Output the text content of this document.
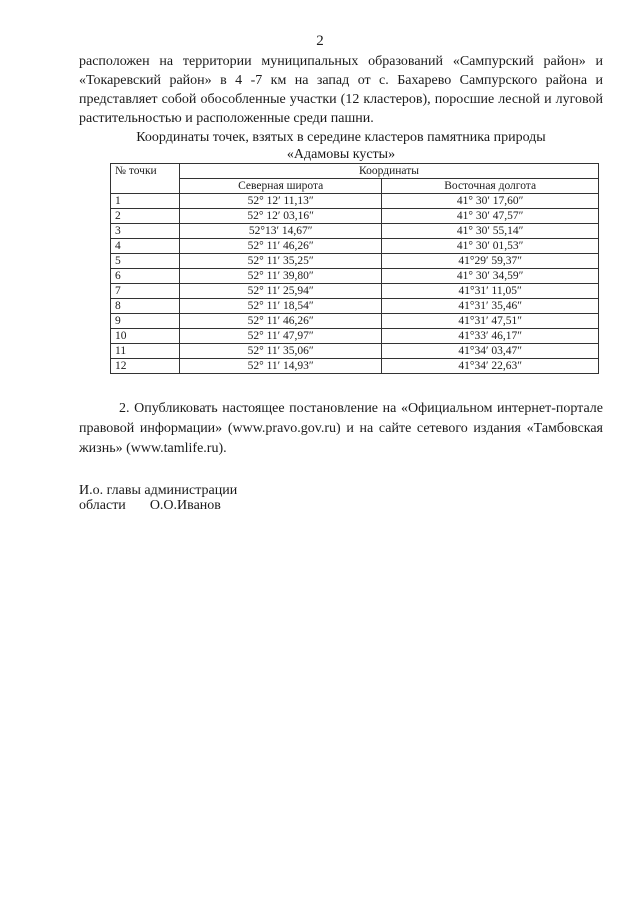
2

расположен на территории муниципальных образований «Сампурский район» и «Токаревский район» в 4 -7 км на запад от с. Бахарево Сампурского района и представляет собой обособленные участки (12 кластеров), поросшие лесной и луговой растительностью и расположенные среди пашни.

Координаты точек, взятых в середине кластеров памятника природы
«Адамовы кусты»
№ точки	Координаты	
	Северная широта	Восточная долгота
1	52° 12′ 11,13″	41° 30′ 17,60″
2	52° 12′ 03,16″	41° 30′ 47,57″
3	52°13′ 14,67″	41° 30′ 55,14″
4	52° 11′ 46,26″	41° 30′ 01,53″
5	52° 11′ 35,25″	41°29′ 59,37″
6	52° 11′ 39,80″	41° 30′ 34,59″
7	52° 11′ 25,94″	41°31′ 11,05″
8	52° 11′ 18,54″	41°31′ 35,46″
9	52° 11′ 46,26″	41°31′ 47,51″
10	52° 11′ 47,97″	41°33′ 46,17″
11	52° 11′ 35,06″	41°34′ 03,47″
12	52° 11′ 14,93″	41°34′ 22,63″

2. Опубликовать настоящее постановление на «Официальном интернет-портале правовой информации» (www.pravo.gov.ru) и на сайте сетевого издания «Тамбовская жизнь» (www.tamlife.ru).

И.о. главы администрации
области О.О.Иванов
